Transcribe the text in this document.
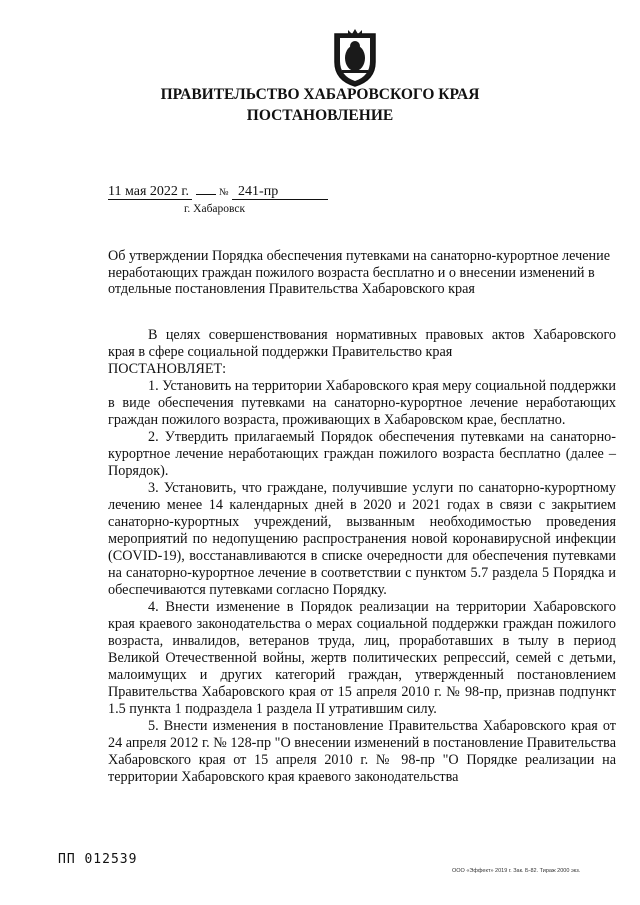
ПРАВИТЕЛЬСТВО ХАБАРОВСКОГО КРАЯ
ПОСТАНОВЛЕНИЕ
11 мая 2022 г.	№ 241-пр
г. Хабаровск
Об утверждении Порядка обеспечения путевками на санаторно-курортное лечение неработающих граждан пожилого возраста бесплатно и о внесении изменений в отдельные постановления Правительства Хабаровского края

В целях совершенствования нормативных правовых актов Хабаровского края в сфере социальной поддержки Правительство края

ПОСТАНОВЛЯЕТ:

1. Установить на территории Хабаровского края меру социальной поддержки в виде обеспечения путевками на санаторно-курортное лечение неработающих граждан пожилого возраста, проживающих в Хабаровском крае, бесплатно.

2. Утвердить прилагаемый Порядок обеспечения путевками на санаторно-курортное лечение неработающих граждан пожилого возраста бесплатно (далее – Порядок).

3. Установить, что граждане, получившие услуги по санаторно-курортному лечению менее 14 календарных дней в 2020 и 2021 годах в связи с закрытием санаторно-курортных учреждений, вызванным необходимостью проведения мероприятий по недопущению распространения новой коронавирусной инфекции (COVID-19), восстанавливаются в списке очередности для обеспечения путевками на санаторно-курортное лечение в соответствии с пунктом 5.7 раздела 5 Порядка и обеспечиваются путевками согласно Порядку.

4. Внести изменение в Порядок реализации на территории Хабаровского края краевого законодательства о мерах социальной поддержки граждан пожилого возраста, инвалидов, ветеранов труда, лиц, проработавших в тылу в период Великой Отечественной войны, жертв политических репрессий, семей с детьми, малоимущих и других категорий граждан, утвержденный постановлением Правительства Хабаровского края от 15 апреля 2010 г. № 98-пр, признав подпункт 1.5 пункта 1 подраздела 1 раздела II утратившим силу.

5. Внести изменения в постановление Правительства Хабаровского края от 24 апреля 2012 г. № 128-пр "О внесении изменений в постановление Правительства Хабаровского края от 15 апреля 2010 г. № 98-пр "О Порядке реализации на территории Хабаровского края краевого законодательства

ПП 012539
ООО «Эффект» 2019 г. Зак. Б-82. Тираж 2000 экз.
